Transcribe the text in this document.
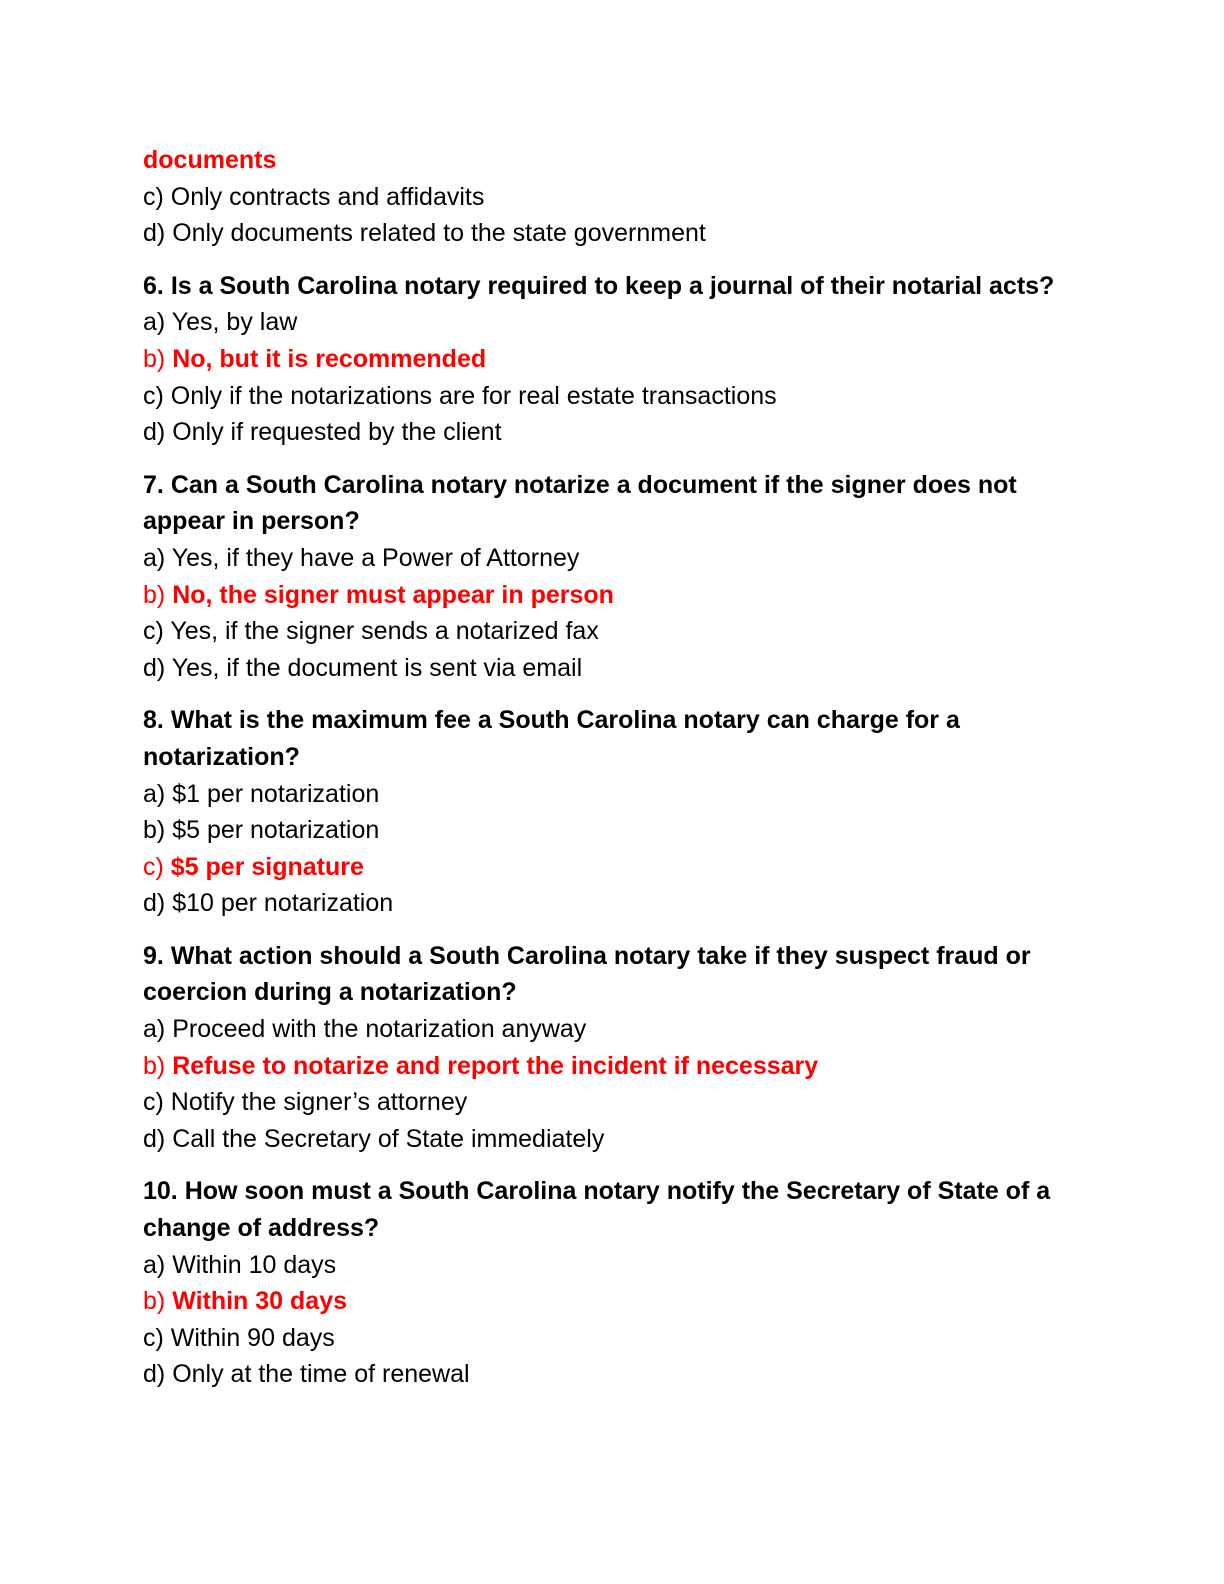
documents
c) Only contracts and affidavits
d) Only documents related to the state government
6. Is a South Carolina notary required to keep a journal of their notarial acts?
a) Yes, by law
b) No, but it is recommended
c) Only if the notarizations are for real estate transactions
d) Only if requested by the client
7. Can a South Carolina notary notarize a document if the signer does not appear in person?
a) Yes, if they have a Power of Attorney
b) No, the signer must appear in person
c) Yes, if the signer sends a notarized fax
d) Yes, if the document is sent via email
8. What is the maximum fee a South Carolina notary can charge for a notarization?
a) $1 per notarization
b) $5 per notarization
c) $5 per signature
d) $10 per notarization
9. What action should a South Carolina notary take if they suspect fraud or coercion during a notarization?
a) Proceed with the notarization anyway
b) Refuse to notarize and report the incident if necessary
c) Notify the signer’s attorney
d) Call the Secretary of State immediately
10. How soon must a South Carolina notary notify the Secretary of State of a change of address?
a) Within 10 days
b) Within 30 days
c) Within 90 days
d) Only at the time of renewal
